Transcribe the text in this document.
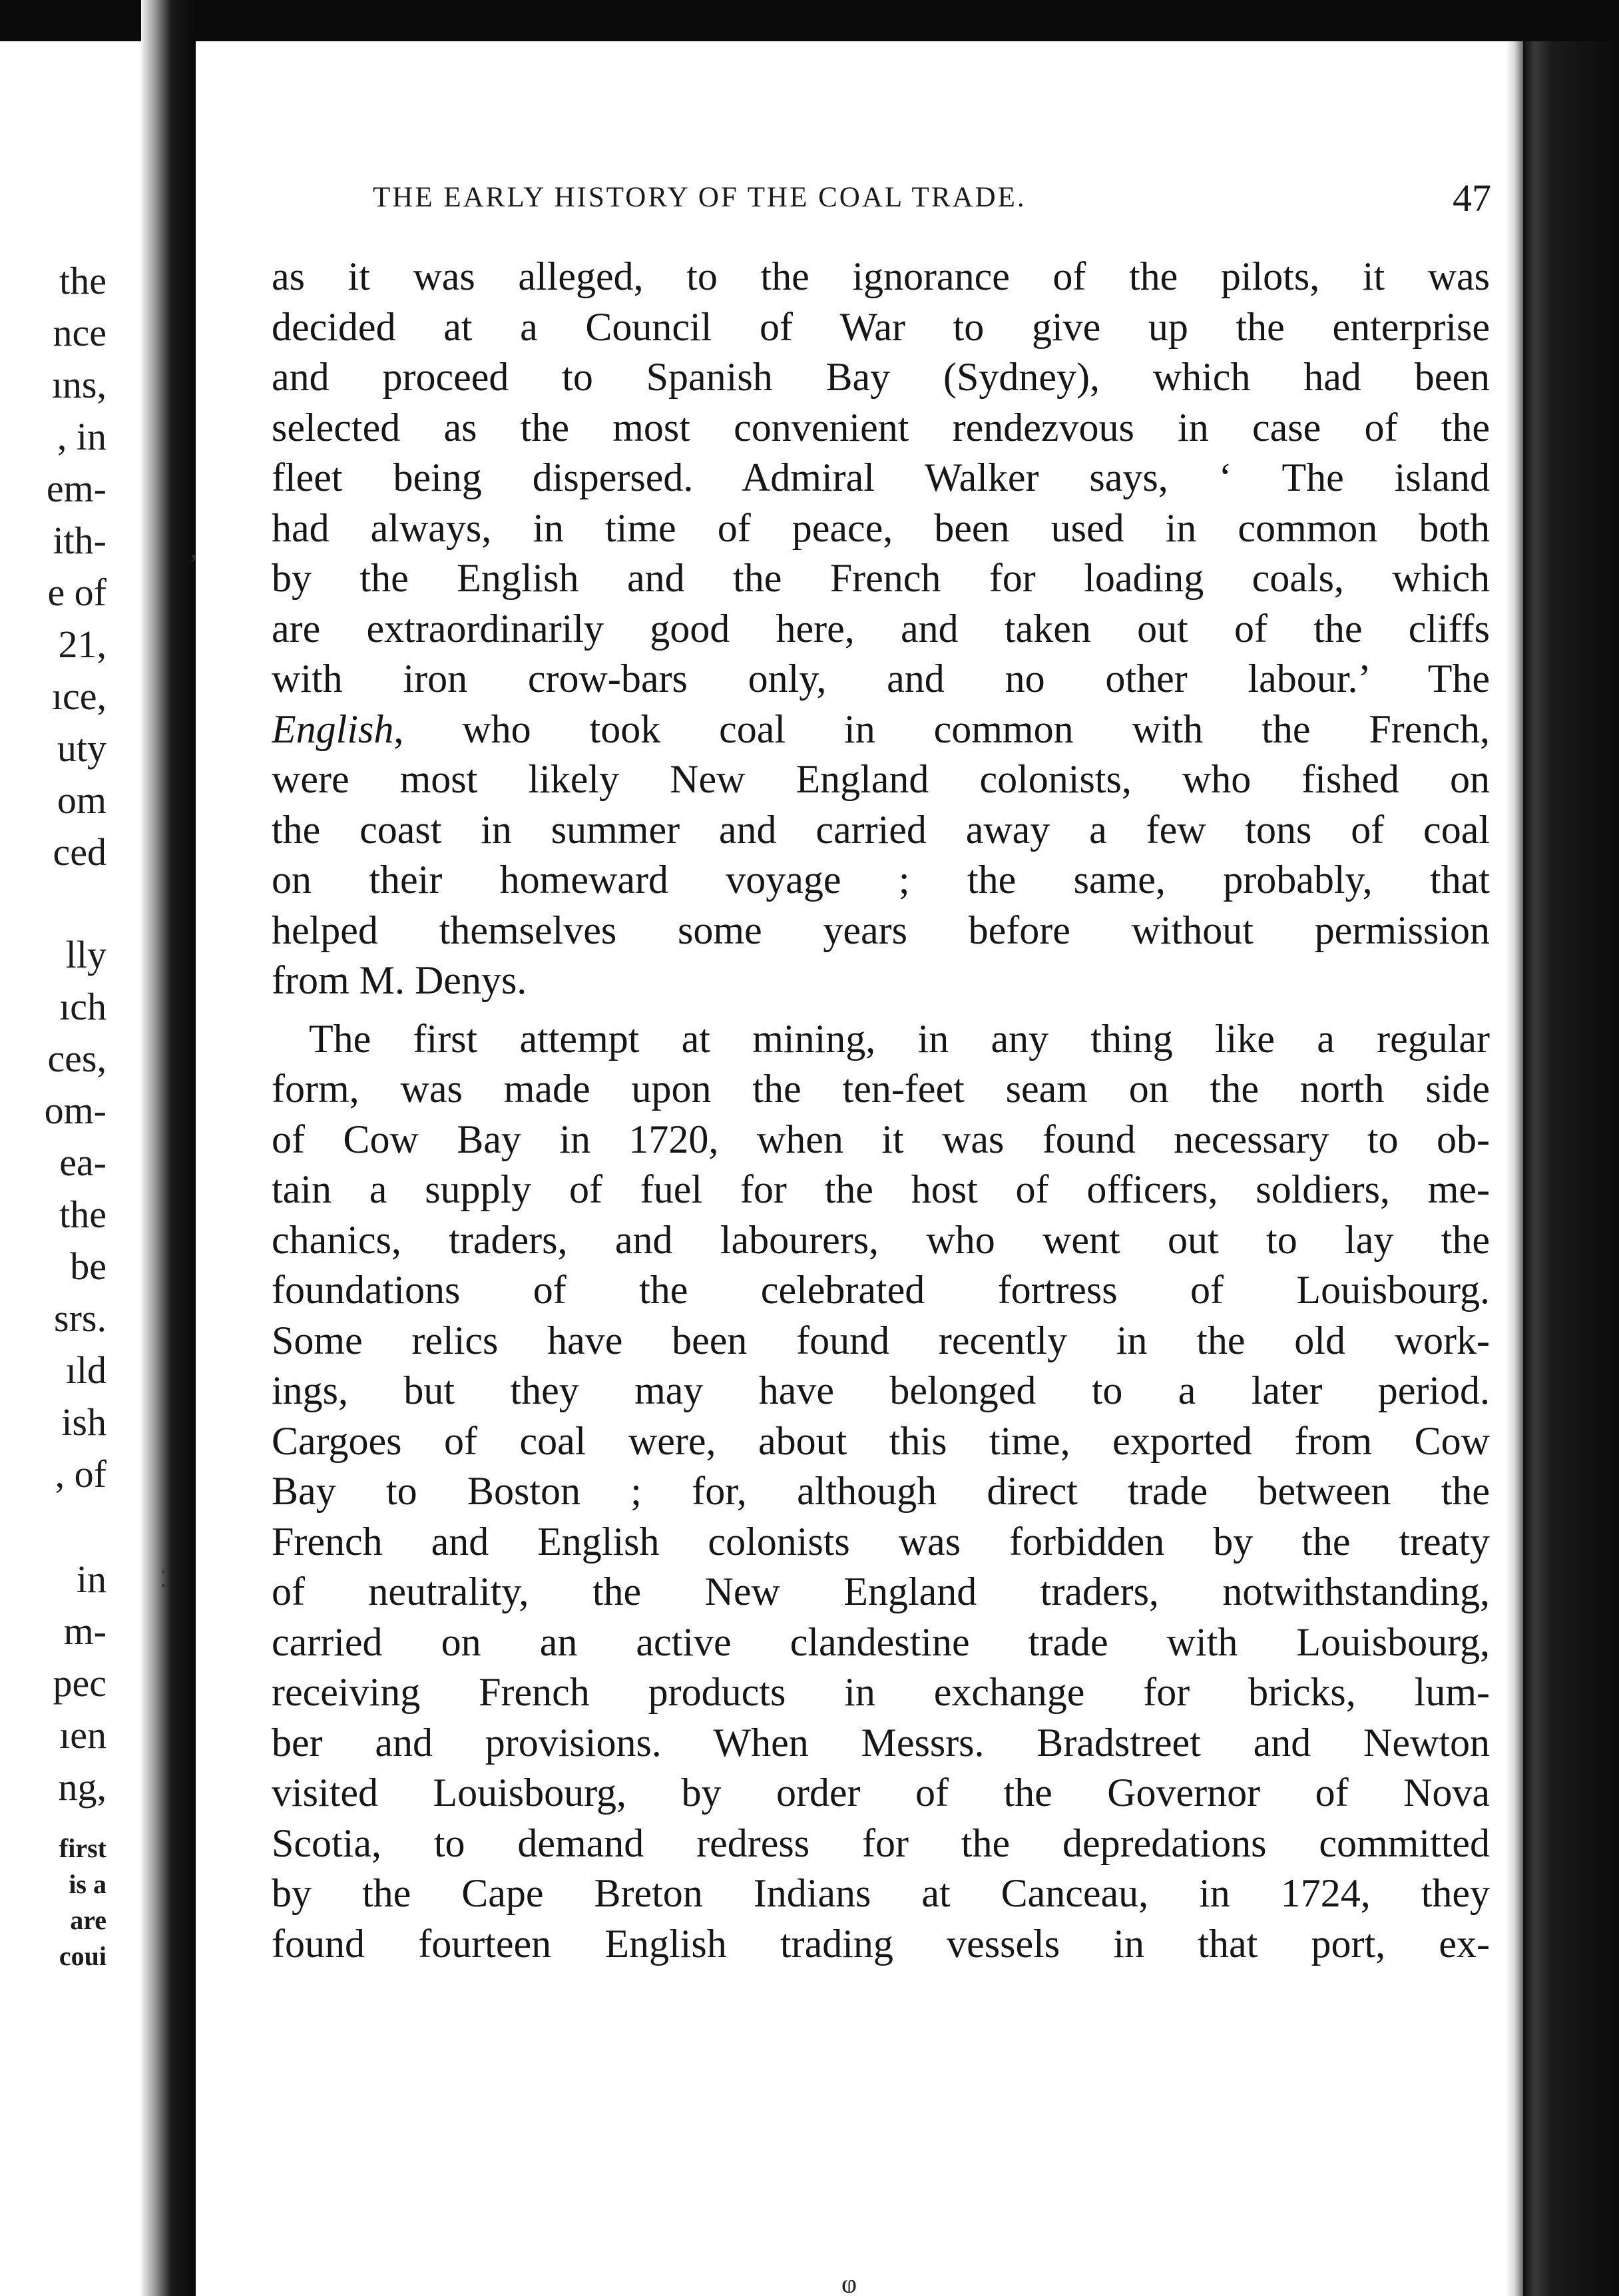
the
nce
ıns,
, in
em-
ith-
e of
21,
ıce,
uty
om
ced
lly
ıch
ces,
om-
ea-
the
be
srs.
ıld
ish
, of
in
m-
pec
ıen
ng,
first
is a
are
coui
THE EARLY HISTORY OF THE COAL TRADE.	47
,
⁚
as it was alleged, to the ignorance of the pilots, it was
decided at a Council of War to give up the enterprise
and proceed to Spanish Bay (Sydney), which had been
selected as the most convenient rendezvous in case of the
fleet being dispersed. Admiral Walker says, ‘ The island
had always, in time of peace, been used in common both
by the English and the French for loading coals, which
are extraordinarily good here, and taken out of the cliffs
with iron crow-bars only, and no other labour.’ The
English, who took coal in common with the French,
were most likely New England colonists, who fished on
the coast in summer and carried away a few tons of coal
on their homeward voyage ; the same, probably, that
helped themselves some years before without permission
from M. Denys.
The first attempt at mining, in any thing like a regular
form, was made upon the ten-feet seam on the north side
of Cow Bay in 1720, when it was found necessary to ob-
tain a supply of fuel for the host of officers, soldiers, me-
chanics, traders, and labourers, who went out to lay the
foundations of the celebrated fortress of Louisbourg.
Some relics have been found recently in the old work-
ings, but they may have belonged to a later period.
Cargoes of coal were, about this time, exported from Cow
Bay to Boston ; for, although direct trade between the
French and English colonists was forbidden by the treaty
of neutrality, the New England traders, notwithstanding,
carried on an active clandestine trade with Louisbourg,
receiving French products in exchange for bricks, lum-
ber and provisions. When Messrs. Bradstreet and Newton
visited Louisbourg, by order of the Governor of Nova
Scotia, to demand redress for the depredations committed
by the Cape Breton Indians at Canceau, in 1724, they
found fourteen English trading vessels in that port, ex-
ⱷ
